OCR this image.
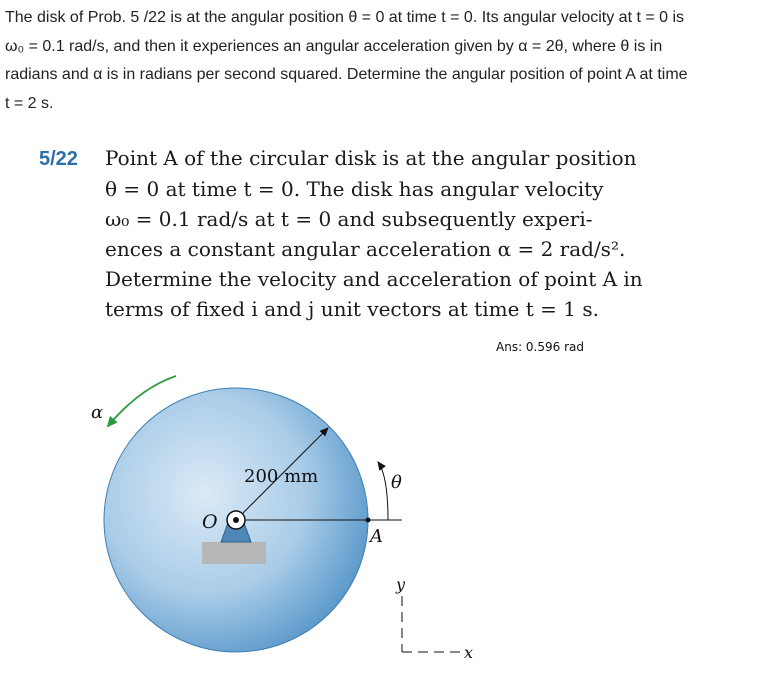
The disk of Prob. 5 /22 is at the angular position θ = 0 at time t = 0. Its angular velocity at t = 0 is
ω₀ = 0.1 rad/s, and then it experiences an angular acceleration given by α = 2θ, where θ is in
radians and α is in radians per second squared. Determine the angular position of point A at time
t = 2 s.
5/22 Point A of the circular disk is at the angular position
θ = 0 at time t = 0. The disk has angular velocity
ω₀ = 0.1 rad/s at t = 0 and subsequently experi-
ences a constant angular acceleration α = 2 rad/s².
Determine the velocity and acceleration of point A in
terms of fixed i and j unit vectors at time t = 1 s.
Ans: 0.596 rad
200 mm
α
θ
O
A
y
x
